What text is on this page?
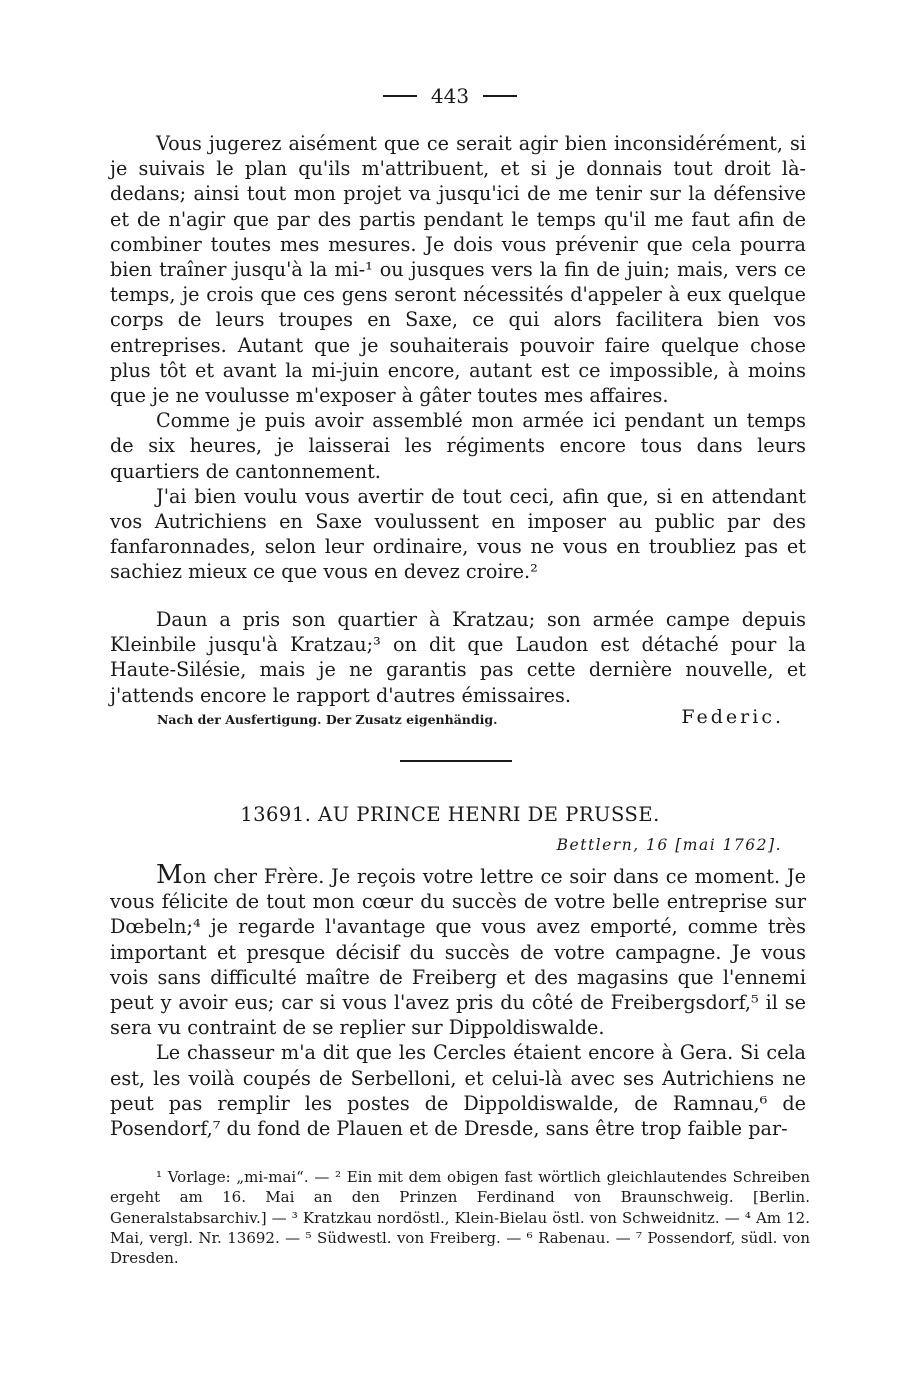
443

Vous jugerez aisément que ce serait agir bien inconsidérément, si je suivais le plan qu'ils m'attribuent, et si je donnais tout droit là-dedans; ainsi tout mon projet va jusqu'ici de me tenir sur la défensive et de n'agir que par des partis pendant le temps qu'il me faut afin de combiner toutes mes mesures. Je dois vous prévenir que cela pourra bien traîner jusqu'à la mi-¹ ou jusques vers la fin de juin; mais, vers ce temps, je crois que ces gens seront nécessités d'appeler à eux quelque corps de leurs troupes en Saxe, ce qui alors facilitera bien vos entreprises. Autant que je souhaiterais pouvoir faire quelque chose plus tôt et avant la mi-juin encore, autant est ce impossible, à moins que je ne voulusse m'exposer à gâter toutes mes affaires.

Comme je puis avoir assemblé mon armée ici pendant un temps de six heures, je laisserai les régiments encore tous dans leurs quartiers de cantonnement.

J'ai bien voulu vous avertir de tout ceci, afin que, si en attendant vos Autrichiens en Saxe voulussent en imposer au public par des fanfaronnades, selon leur ordinaire, vous ne vous en troubliez pas et sachiez mieux ce que vous en devez croire.²

Daun a pris son quartier à Kratzau; son armée campe depuis Kleinbile jusqu'à Kratzau;³ on dit que Laudon est détaché pour la Haute-Silésie, mais je ne garantis pas cette dernière nouvelle, et j'attends encore le rapport d'autres émissaires.

Nach der Ausfertigung. Der Zusatz eigenhändig.	Federic.
13691. AU PRINCE HENRI DE PRUSSE.
Bettlern, 16 [mai 1762].

Mon cher Frère. Je reçois votre lettre ce soir dans ce moment. Je vous félicite de tout mon cœur du succès de votre belle entreprise sur Dœbeln;⁴ je regarde l'avantage que vous avez emporté, comme très important et presque décisif du succès de votre campagne. Je vous vois sans difficulté maître de Freiberg et des magasins que l'ennemi peut y avoir eus; car si vous l'avez pris du côté de Freibergsdorf,⁵ il se sera vu contraint de se replier sur Dippoldiswalde.

Le chasseur m'a dit que les Cercles étaient encore à Gera. Si cela est, les voilà coupés de Serbelloni, et celui-là avec ses Autrichiens ne peut pas remplir les postes de Dippoldiswalde, de Ramnau,⁶ de Posendorf,⁷ du fond de Plauen et de Dresde, sans être trop faible par-

¹ Vorlage: „mi-mai“. — ² Ein mit dem obigen fast wörtlich gleichlautendes Schreiben ergeht am 16. Mai an den Prinzen Ferdinand von Braunschweig. [Berlin. Generalstabsarchiv.] — ³ Kratzkau nordöstl., Klein-Bielau östl. von Schweidnitz. — ⁴ Am 12. Mai, vergl. Nr. 13692. — ⁵ Südwestl. von Freiberg. — ⁶ Rabenau. — ⁷ Possendorf, südl. von Dresden.
